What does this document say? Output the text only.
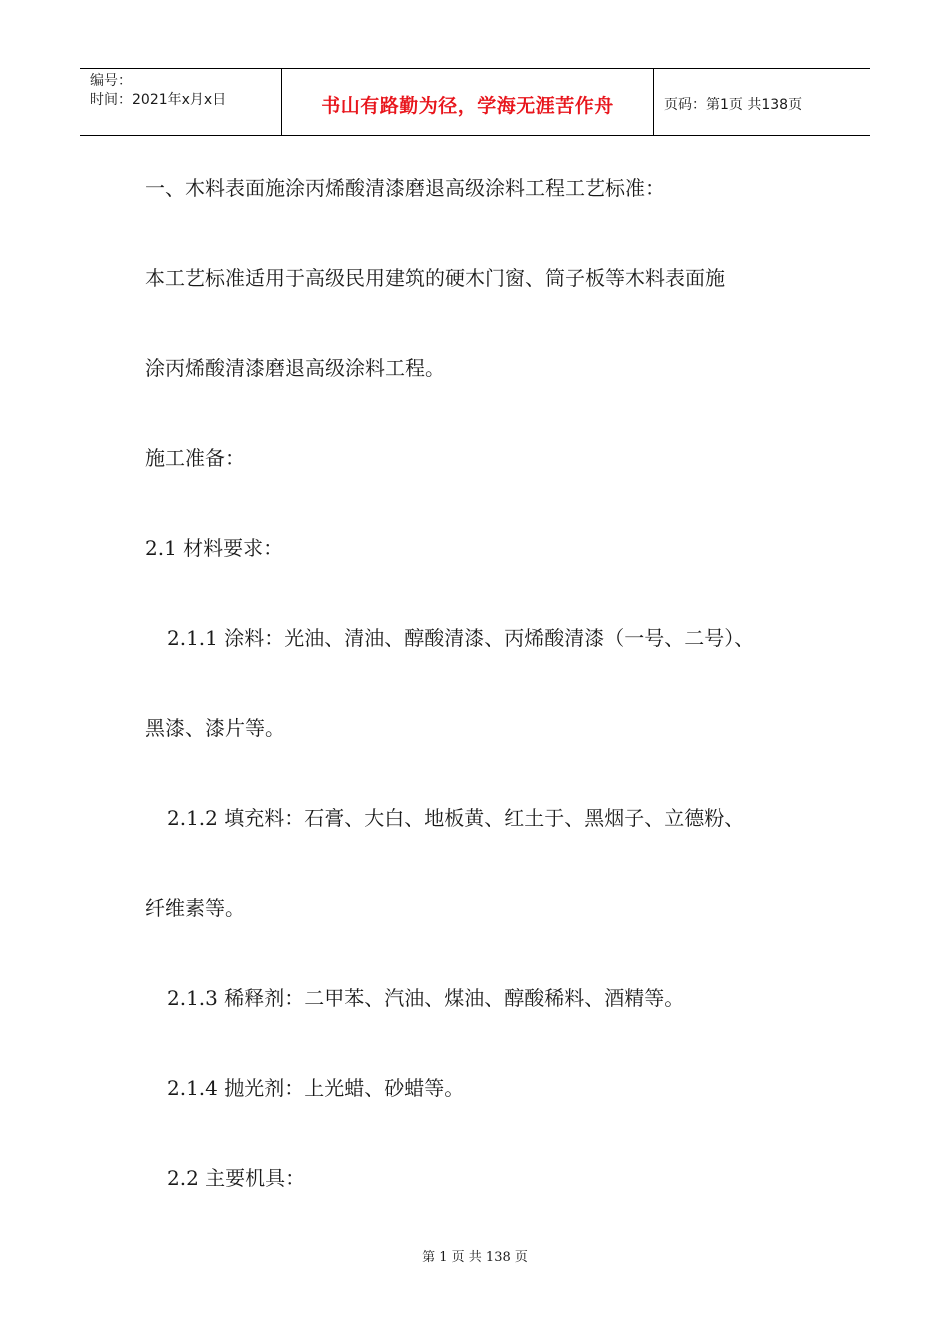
编号：
时间：2021年x月x日	书山有路勤为径，学海无涯苦作舟	页码：第1页 共138页
一、木料表面施涂丙烯酸清漆磨退高级涂料工程工艺标准：
本工艺标准适用于高级民用建筑的硬木门窗、筒子板等木料表面施
涂丙烯酸清漆磨退高级涂料工程。
施工准备：
2.1 材料要求：
2.1.1 涂料：光油、清油、醇酸清漆、丙烯酸清漆（一号、二号）、
黑漆、漆片等。
2.1.2 填充料：石膏、大白、地板黄、红土于、黑烟子、立德粉、
纤维素等。
2.1.3 稀释剂：二甲苯、汽油、煤油、醇酸稀料、酒精等。
2.1.4 抛光剂：上光蜡、砂蜡等。
2.2 主要机具：
第 1 页 共 138 页
